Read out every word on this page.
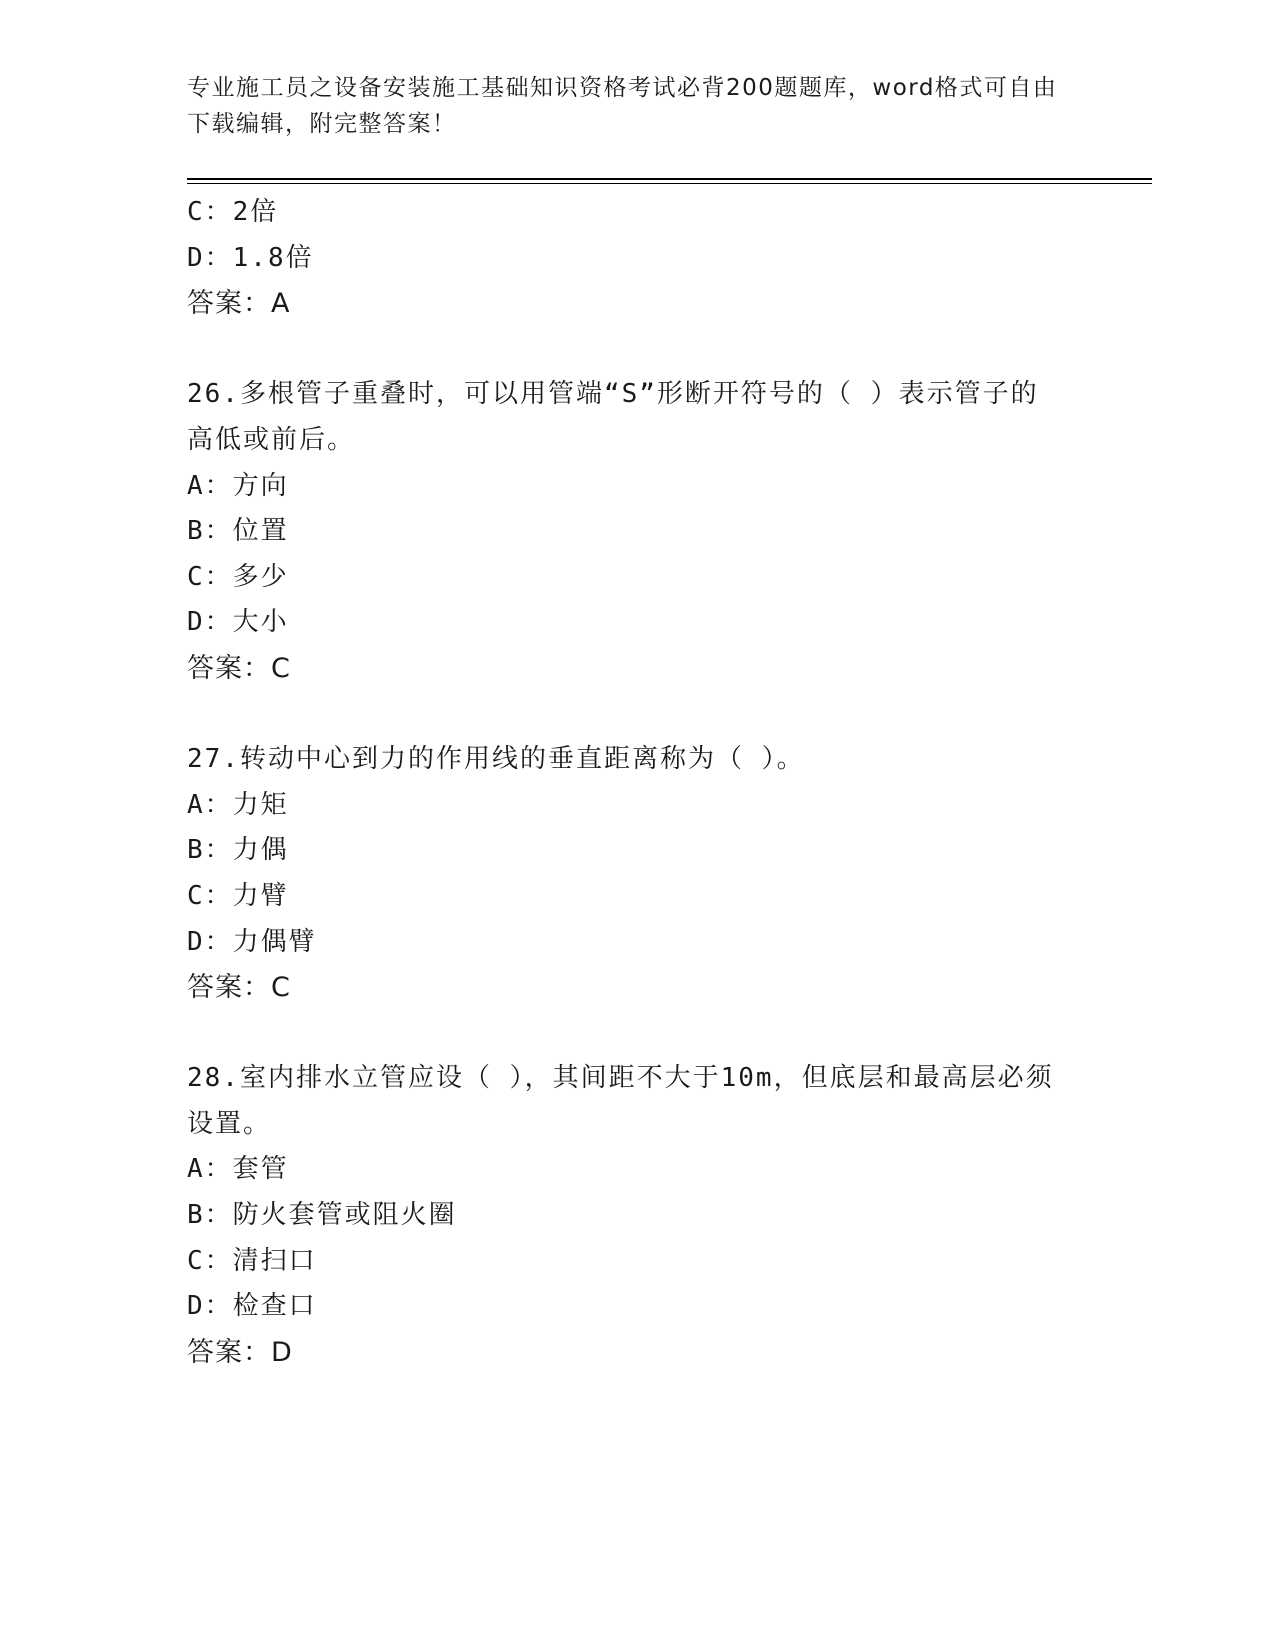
专业施工员之设备安装施工基础知识资格考试必背200题题库，word格式可自由
下载编辑，附完整答案！
C：2倍
D：1.8倍
答案：A
26.多根管子重叠时，可以用管端“S”形断开符号的（ ）表示管子的
高低或前后。
A：方向
B：位置
C：多少
D：大小
答案：C
27.转动中心到力的作用线的垂直距离称为（ ）。
A：力矩
B：力偶
C：力臂
D：力偶臂
答案：C
28.室内排水立管应设（ ），其间距不大于10m，但底层和最高层必须
设置。
A：套管
B：防火套管或阻火圈
C：清扫口
D：检查口
答案：D
